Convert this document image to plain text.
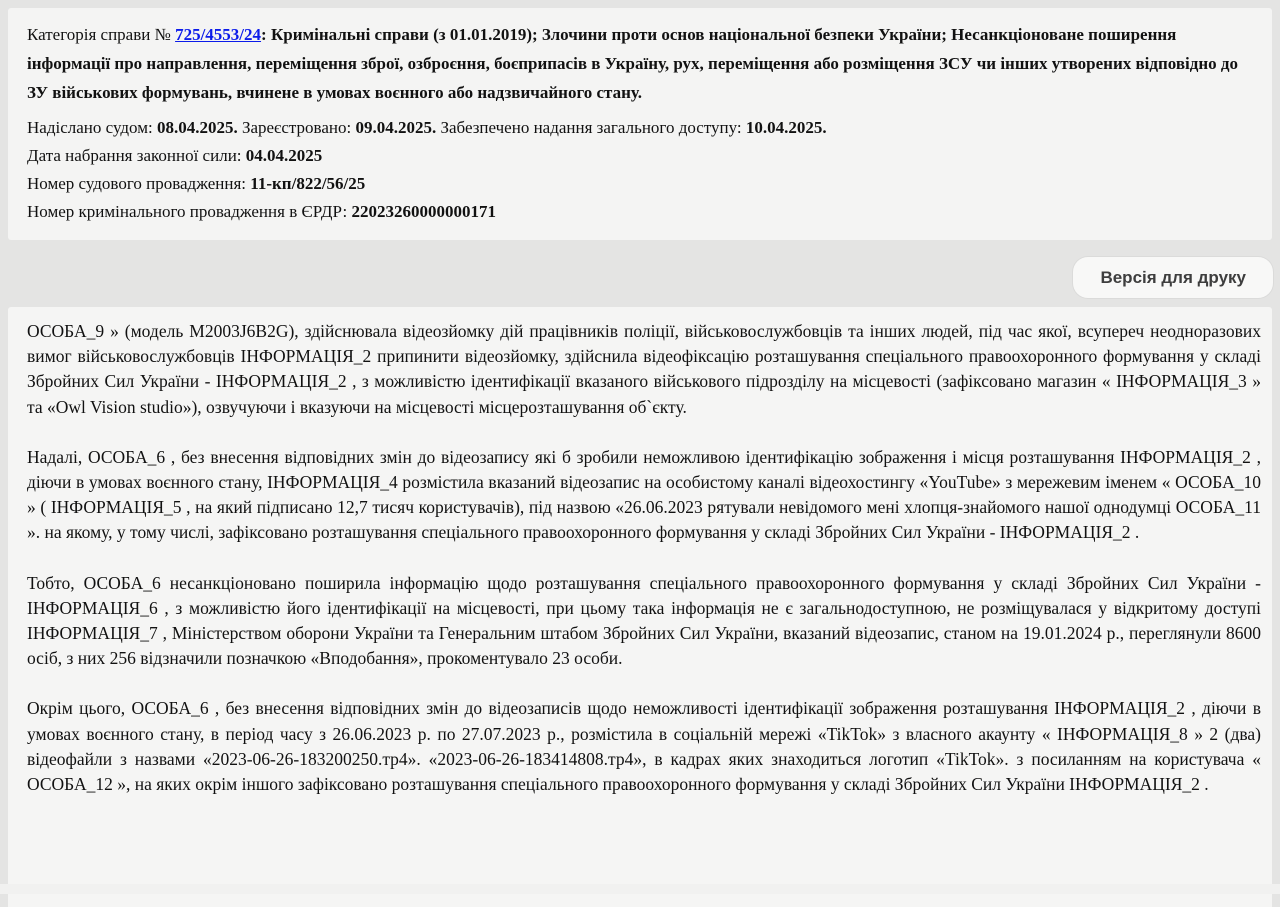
Категорія справи № 725/4553/24: Кримінальні справи (з 01.01.2019); Злочини проти основ національної безпеки України; Несанкціоноване поширення інформації про направлення, переміщення зброї, озброєння, боєприпасів в Україну, рух, переміщення або розміщення ЗСУ чи інших утворених відповідно до ЗУ військових формувань, вчинене в умовах воєнного або надзвичайного стану.

Надіслано судом: 08.04.2025. Зареєстровано: 09.04.2025. Забезпечено надання загального доступу: 10.04.2025.

Дата набрання законної сили: 04.04.2025

Номер судового провадження: 11-кп/822/56/25

Номер кримінального провадження в ЄРДР: 22023260000000171

Версія для друку

ОСОБА_9 » (модель M2003J6B2G), здійснювала відеозйомку дій працівників поліції, військовослужбовців та інших людей, під час якої, всупереч неодноразових вимог військовослужбовців ІНФОРМАЦІЯ_2 припинити відеозйомку, здійснила відеофіксацію розташування спеціального правоохоронного формування у складі Збройних Сил України - ІНФОРМАЦІЯ_2 , з можливістю ідентифікації вказаного військового підрозділу на місцевості (зафіксовано магазин « ІНФОРМАЦІЯ_3 » та «Owl Vision studio»), озвучуючи і вказуючи на місцевості місцерозташування об`єкту.

Надалі, ОСОБА_6 , без внесення відповідних змін до відеозапису які б зробили неможливою ідентифікацію зображення і місця розташування ІНФОРМАЦІЯ_2 , діючи в умовах воєнного стану, ІНФОРМАЦІЯ_4 розмістила вказаний відеозапис на особистому каналі відеохостингу «YouTube» з мережевим іменем « ОСОБА_10 » ( ІНФОРМАЦІЯ_5 , на який підписано 12,7 тисяч користувачів), під назвою «26.06.2023 рятували невідомого мені хлопця-знайомого нашої однодумці ОСОБА_11 ». на якому, у тому числі, зафіксовано розташування спеціального правоохоронного формування у складі Збройних Сил України - ІНФОРМАЦІЯ_2 .

Тобто, ОСОБА_6 несанкціоновано поширила інформацію щодо розташування спеціального правоохоронного формування у складі Збройних Сил України - ІНФОРМАЦІЯ_6 , з можливістю його ідентифікації на місцевості, при цьому така інформація не є загальнодоступною, не розміщувалася у відкритому доступі ІНФОРМАЦІЯ_7 , Міністерством оборони України та Генеральним штабом Збройних Сил України, вказаний відеозапис, станом на 19.01.2024 р., переглянули 8600 осіб, з них 256 відзначили позначкою «Вподобання», прокоментувало 23 особи.

Окрім цього, ОСОБА_6 , без внесення відповідних змін до відеозаписів щодо неможливості ідентифікації зображення розташування ІНФОРМАЦІЯ_2 , діючи в умовах воєнного стану, в період часу з 26.06.2023 р. по 27.07.2023 р., розмістила в соціальній мережі «TikTok» з власного акаунту « ІНФОРМАЦІЯ_8 » 2 (два) відеофайли з назвами «2023-06-26-183200250.тр4». «2023-06-26-183414808.тр4», в кадрах яких знаходиться логотип «TikTok». з посиланням на користувача « ОСОБА_12 », на яких окрім іншого зафіксовано розташування спеціального правоохоронного формування у складі Збройних Сил України ІНФОРМАЦІЯ_2 .
